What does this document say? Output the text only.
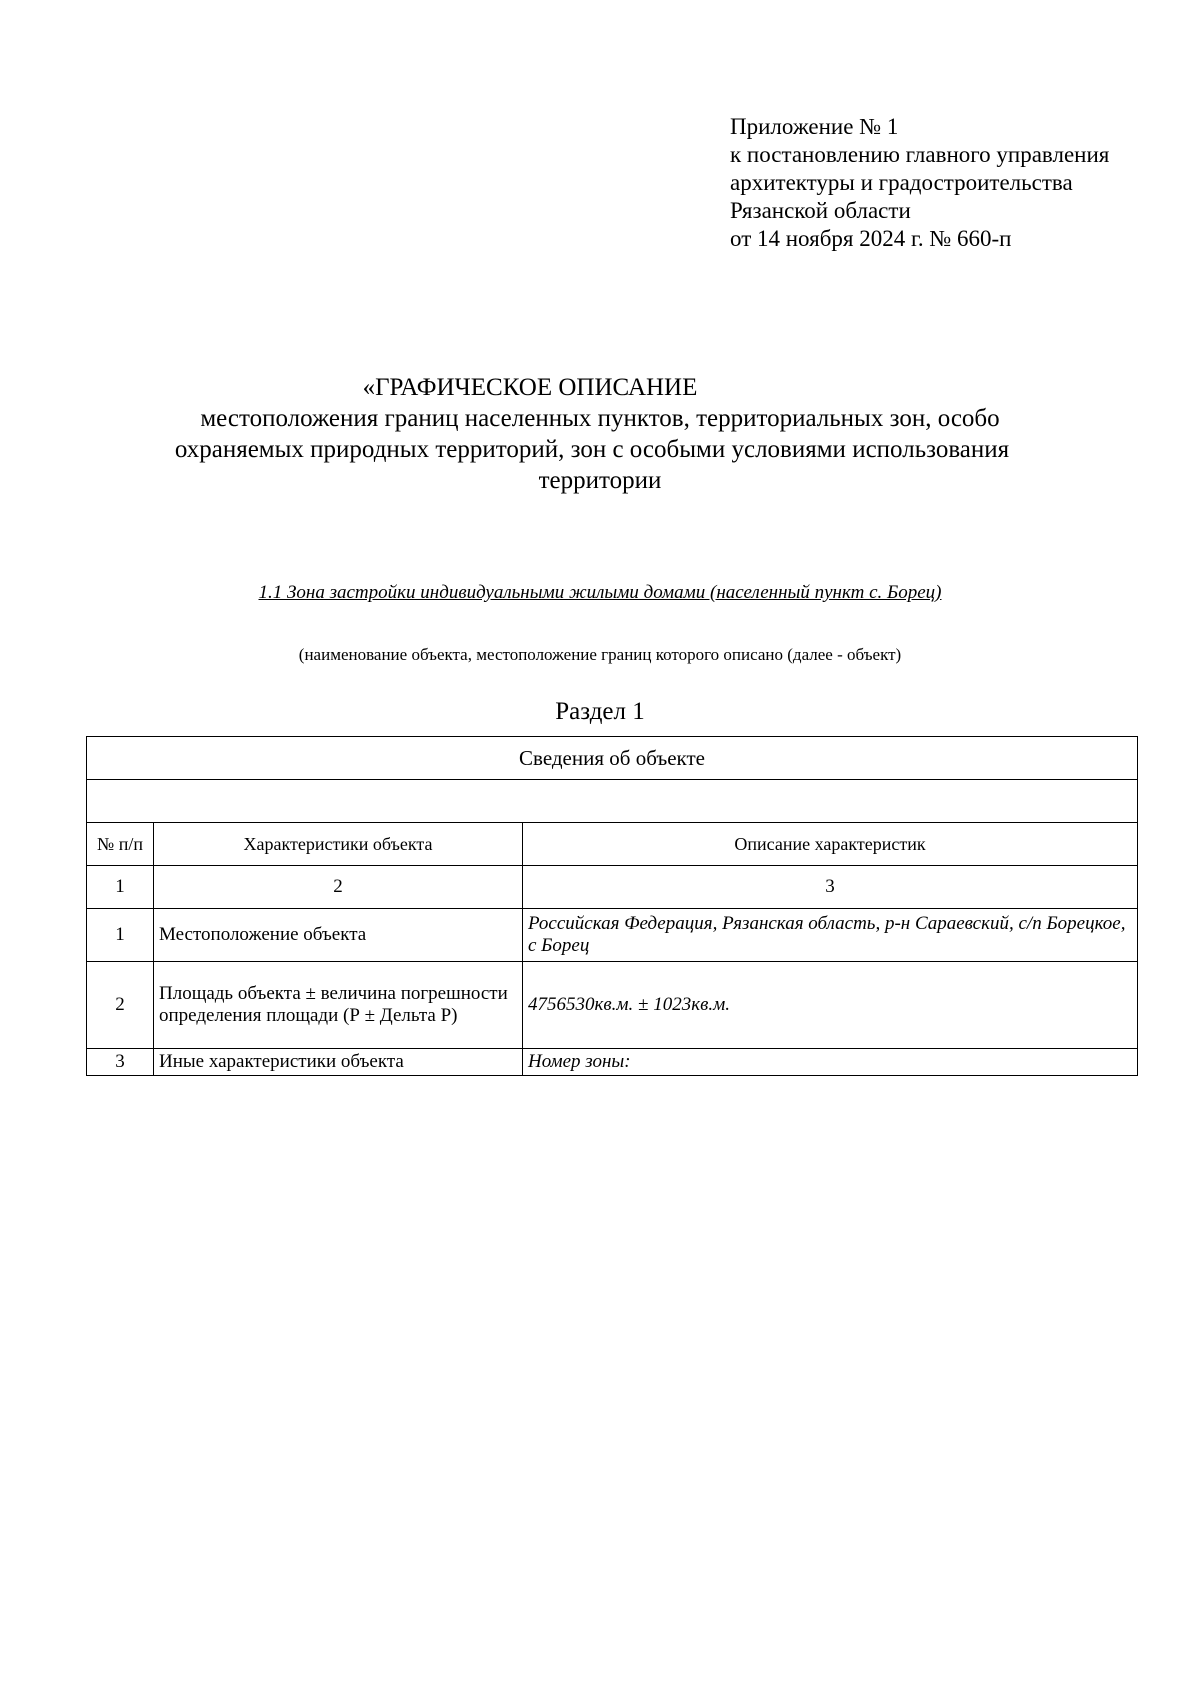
Приложение № 1
к постановлению главного управления
архитектуры и градостроительства
Рязанской области
от 14 ноября 2024 г. № 660-п
«ГРАФИЧЕСКОЕ ОПИСАНИЕ
местоположения границ населенных пунктов, территориальных зон, особо
охраняемых природных территорий, зон с особыми условиями использования
территории
1.1 Зона застройки индивидуальными жилыми домами (населенный пункт с. Борец)
(наименование объекта, местоположение границ которого описано (далее - объект)
Раздел 1
Сведения об объекте		

№ п/п	Характеристики объекта	Описание характеристик
1	2	3
1	Местоположение объекта	Российская Федерация, Рязанская область, р-н Сараевский, с/п Борецкое, с Борец
2	Площадь объекта ± величина погрешности определения площади (Р ± Дельта Р)	4756530кв.м. ± 1023кв.м.
3	Иные характеристики объекта	Номер зоны:
